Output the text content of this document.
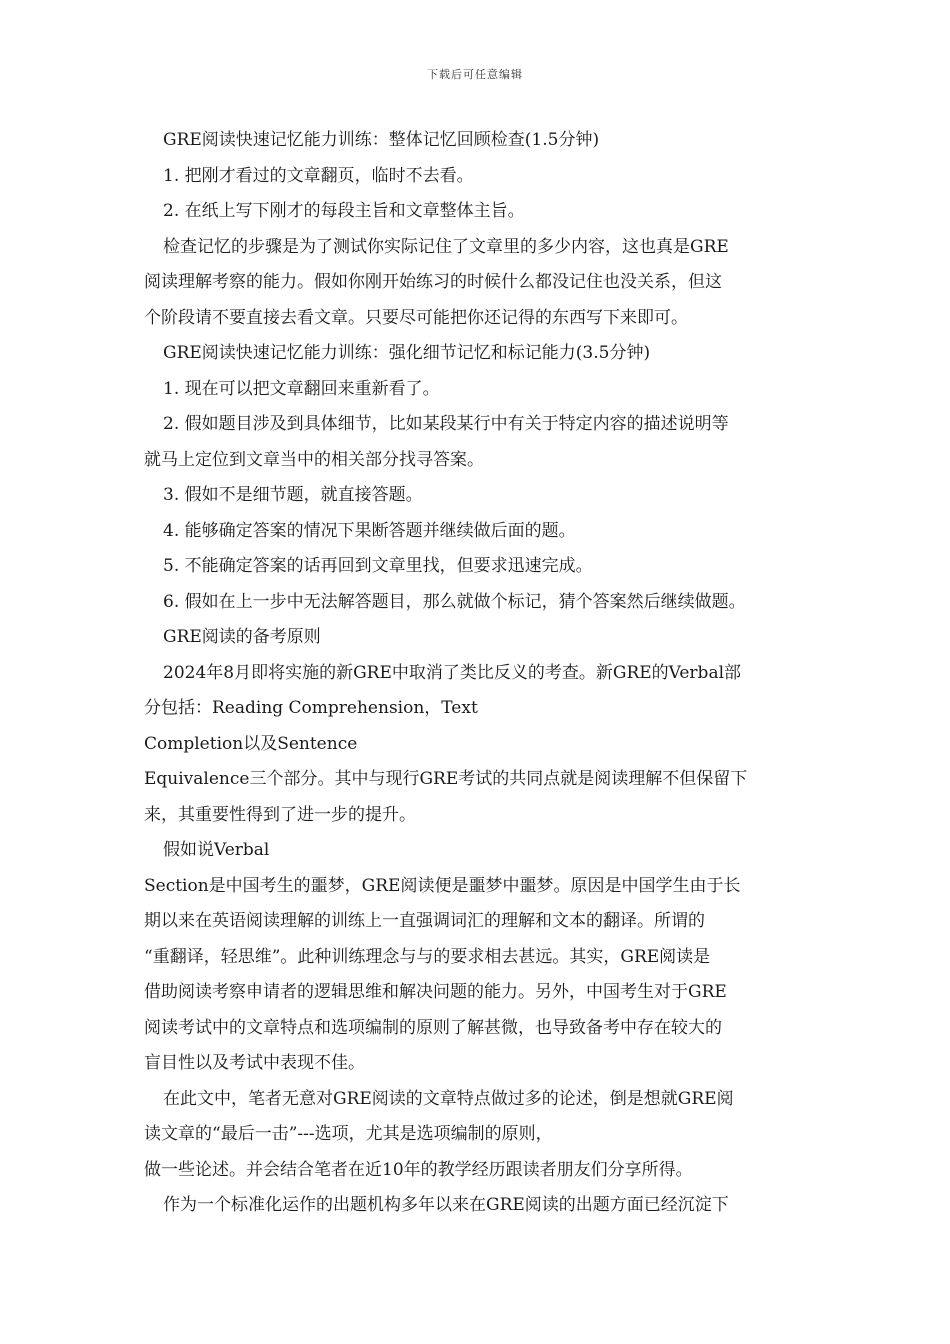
下载后可任意编辑

GRE阅读快速记忆能力训练：整体记忆回顾检查(1.5分钟)

1. 把刚才看过的文章翻页，临时不去看。

2. 在纸上写下刚才的每段主旨和文章整体主旨。

检查记忆的步骤是为了测试你实际记住了文章里的多少内容，这也真是GRE

阅读理解考察的能力。假如你刚开始练习的时候什么都没记住也没关系，但这

个阶段请不要直接去看文章。只要尽可能把你还记得的东西写下来即可。

GRE阅读快速记忆能力训练：强化细节记忆和标记能力(3.5分钟)

1. 现在可以把文章翻回来重新看了。

2. 假如题目涉及到具体细节，比如某段某行中有关于特定内容的描述说明等

就马上定位到文章当中的相关部分找寻答案。

3. 假如不是细节题，就直接答题。

4. 能够确定答案的情况下果断答题并继续做后面的题。

5. 不能确定答案的话再回到文章里找，但要求迅速完成。

6. 假如在上一步中无法解答题目，那么就做个标记，猜个答案然后继续做题。

GRE阅读的备考原则

2024年8月即将实施的新GRE中取消了类比反义的考查。新GRE的Verbal部

分包括：Reading Comprehension，Text

Completion以及Sentence

Equivalence三个部分。其中与现行GRE考试的共同点就是阅读理解不但保留下

来，其重要性得到了进一步的提升。

假如说Verbal

Section是中国考生的噩梦，GRE阅读便是噩梦中噩梦。原因是中国学生由于长

期以来在英语阅读理解的训练上一直强调词汇的理解和文本的翻译。所谓的

“重翻译，轻思维”。此种训练理念与与的要求相去甚远。其实，GRE阅读是

借助阅读考察申请者的逻辑思维和解决问题的能力。另外，中国考生对于GRE

阅读考试中的文章特点和选项编制的原则了解甚微，也导致备考中存在较大的

盲目性以及考试中表现不佳。

在此文中，笔者无意对GRE阅读的文章特点做过多的论述，倒是想就GRE阅

读文章的“最后一击”---选项，尤其是选项编制的原则，

做一些论述。并会结合笔者在近10年的教学经历跟读者朋友们分享所得。

作为一个标准化运作的出题机构多年以来在GRE阅读的出题方面已经沉淀下
